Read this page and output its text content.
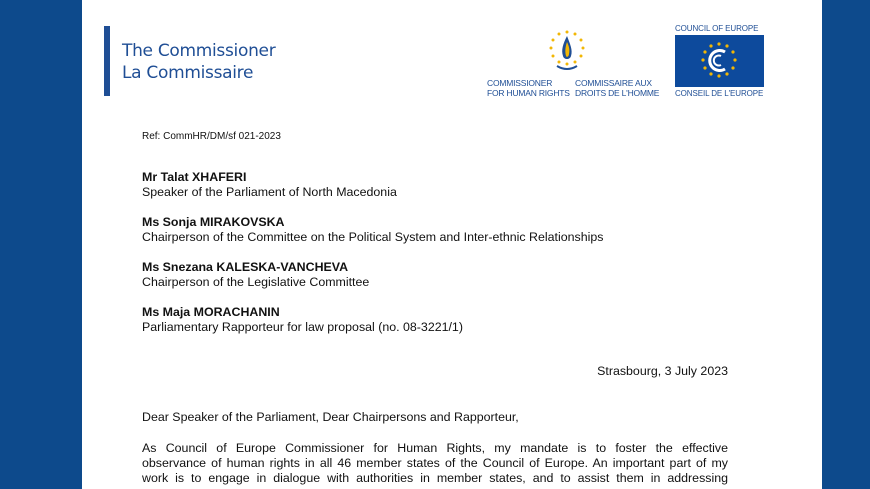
The Commissioner
La Commissaire	COMMISSIONER
FOR HUMAN RIGHTS
COMMISSAIRE AUX
DROITS DE L'HOMME
COUNCIL OF EUROPE
CONSEIL DE L'EUROPE
Ref: CommHR/DM/sf 021-2023
Mr Talat XHAFERI
Speaker of the Parliament of North Macedonia
Ms Sonja MIRAKOVSKA
Chairperson of the Committee on the Political System and Inter-ethnic Relationships
Ms Snezana KALESKA-VANCHEVA
Chairperson of the Legislative Committee
Ms Maja MORACHANIN
Parliamentary Rapporteur for law proposal (no. 08-3221/1)
Strasbourg, 3 July 2023
Dear Speaker of the Parliament, Dear Chairpersons and Rapporteur,
As Council of Europe Commissioner for Human Rights, my mandate is to foster the effective
observance of human rights in all 46 member states of the Council of Europe. An important part of my
work is to engage in dialogue with authorities in member states, and to assist them in addressing
